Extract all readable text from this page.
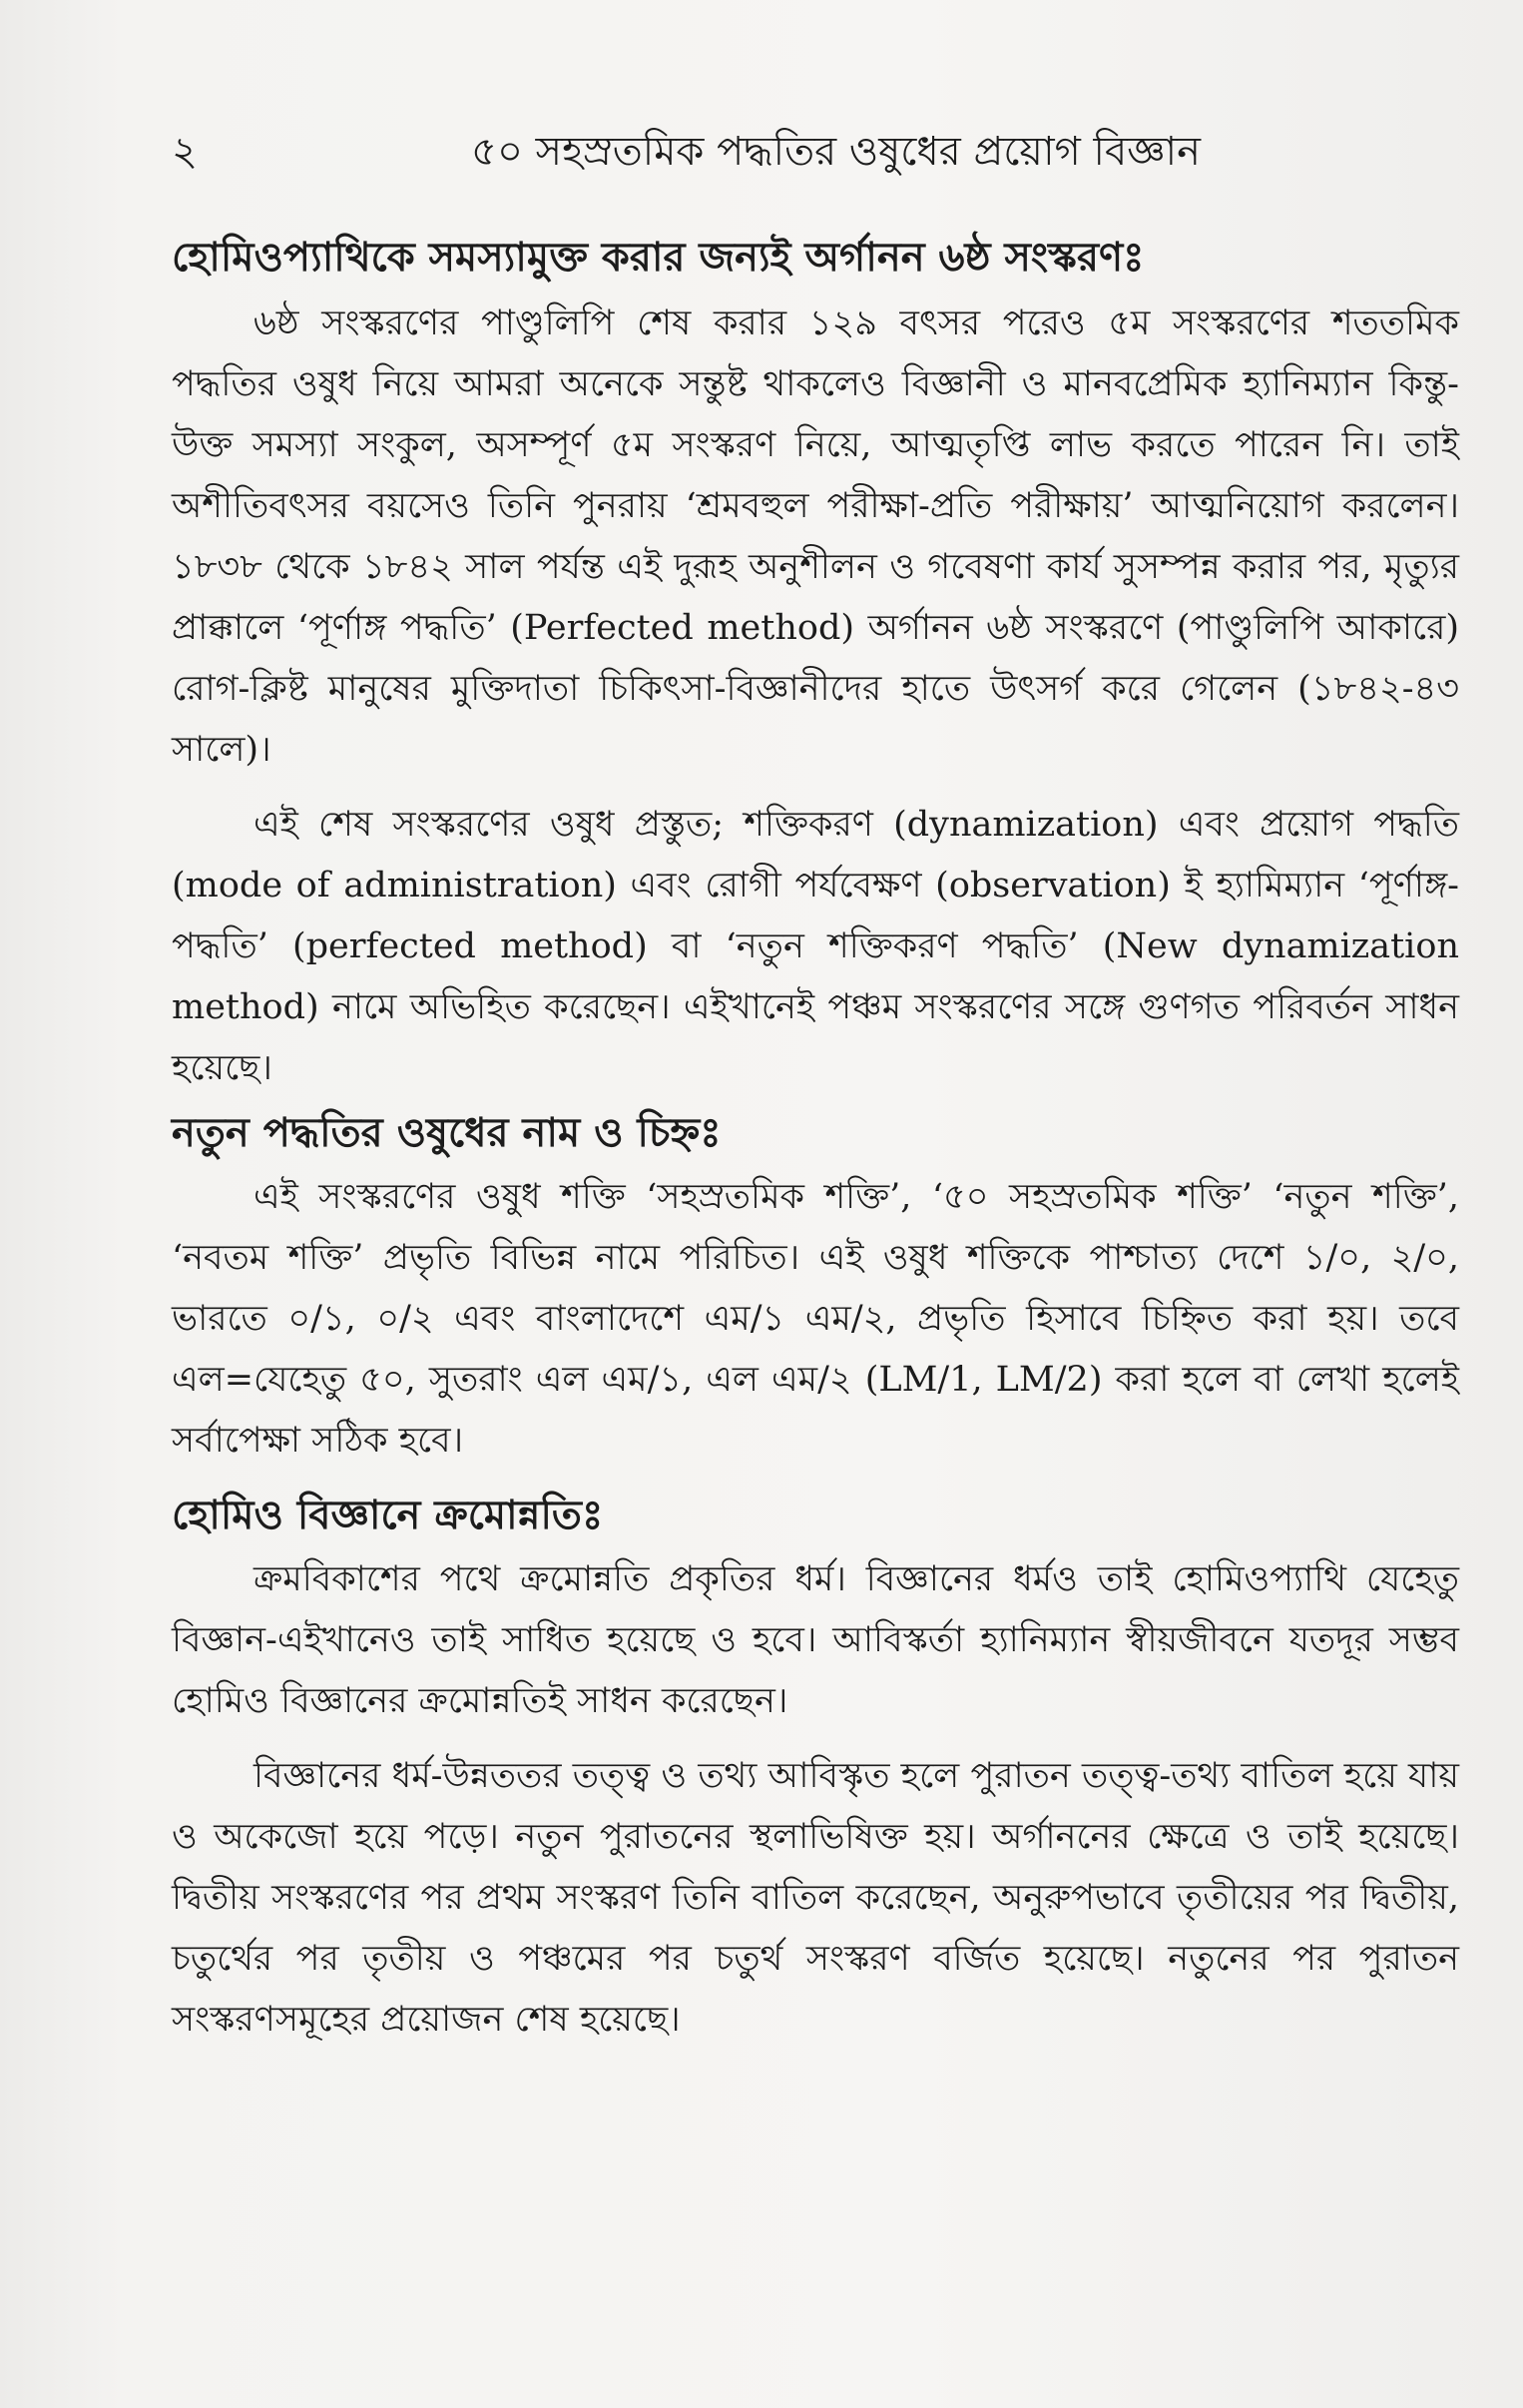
২	৫০ সহস্রতমিক পদ্ধতির ওষুধের প্রয়োগ বিজ্ঞান
হোমিওপ্যাথিকে সমস্যামুক্ত করার জন্যই অর্গানন ৬ষ্ঠ সংস্করণঃ

৬ষ্ঠ সংস্করণের পাণ্ডুলিপি শেষ করার ১২৯ বৎসর পরেও ৫ম সংস্করণের শততমিক পদ্ধতির ওষুধ নিয়ে আমরা অনেকে সন্তুষ্ট থাকলেও বিজ্ঞানী ও মানবপ্রেমিক হ্যানিম্যান কিন্তু-উক্ত সমস্যা সংকুল, অসম্পূর্ণ ৫ম সংস্করণ নিয়ে, আত্মতৃপ্তি লাভ করতে পারেন নি। তাই অশীতিবৎসর বয়সেও তিনি পুনরায় ‘শ্রমবহুল পরীক্ষা-প্রতি পরীক্ষায়’ আত্মনিয়োগ করলেন। ১৮৩৮ থেকে ১৮৪২ সাল পর্যন্ত এই দুরূহ অনুশীলন ও গবেষণা কার্য সুসম্পন্ন করার পর, মৃত্যুর প্রাক্কালে ‘পূর্ণাঙ্গ পদ্ধতি’ (Perfected method) অর্গানন ৬ষ্ঠ সংস্করণে (পাণ্ডুলিপি আকারে) রোগ-ক্লিষ্ট মানুষের মুক্তিদাতা চিকিৎসা-বিজ্ঞানীদের হাতে উৎসর্গ করে গেলেন (১৮৪২-৪৩ সালে)।

এই শেষ সংস্করণের ওষুধ প্রস্তুত; শক্তিকরণ (dynamization) এবং প্রয়োগ পদ্ধতি (mode of administration) এবং রোগী পর্যবেক্ষণ (observation) ই হ্যামিম্যান ‘পূর্ণাঙ্গ-পদ্ধতি’ (perfected method) বা ‘নতুন শক্তিকরণ পদ্ধতি’ (New dynamization method) নামে অভিহিত করেছেন। এইখানেই পঞ্চম সংস্করণের সঙ্গে গুণগত পরিবর্তন সাধন হয়েছে।

নতুন পদ্ধতির ওষুধের নাম ও চিহ্নঃ

এই সংস্করণের ওষুধ শক্তি ‘সহস্রতমিক শক্তি’, ‘৫০ সহস্রতমিক শক্তি’ ‘নতুন শক্তি’, ‘নবতম শক্তি’ প্রভৃতি বিভিন্ন নামে পরিচিত। এই ওষুধ শক্তিকে পাশ্চাত্য দেশে ১/০, ২/০, ভারতে ০/১, ০/২ এবং বাংলাদেশে এম/১ এম/২, প্রভৃতি হিসাবে চিহ্নিত করা হয়। তবে এল=যেহেতু ৫০, সুতরাং এল এম/১, এল এম/২ (LM/1, LM/2) করা হলে বা লেখা হলেই সর্বাপেক্ষা সঠিক হবে।

হোমিও বিজ্ঞানে ক্রমোন্নতিঃ

ক্রমবিকাশের পথে ক্রমোন্নতি প্রকৃতির ধর্ম। বিজ্ঞানের ধর্মও তাই হোমিওপ্যাথি যেহেতু বিজ্ঞান-এইখানেও তাই সাধিত হয়েছে ও হবে। আবিস্কর্তা হ্যানিম্যান স্বীয়জীবনে যতদূর সম্ভব হোমিও বিজ্ঞানের ক্রমোন্নতিই সাধন করেছেন।

বিজ্ঞানের ধর্ম-উন্নততর তত্ত্ব ও তথ্য আবিস্কৃত হলে পুরাতন তত্ত্ব-তথ্য বাতিল হয়ে যায় ও অকেজো হয়ে পড়ে। নতুন পুরাতনের স্থলাভিষিক্ত হয়। অর্গাননের ক্ষেত্রে ও তাই হয়েছে। দ্বিতীয় সংস্করণের পর প্রথম সংস্করণ তিনি বাতিল করেছেন, অনুরুপভাবে তৃতীয়ের পর দ্বিতীয়, চতুর্থের পর তৃতীয় ও পঞ্চমের পর চতুর্থ সংস্করণ বর্জিত হয়েছে। নতুনের পর পুরাতন সংস্করণসমূহের প্রয়োজন শেষ হয়েছে।
